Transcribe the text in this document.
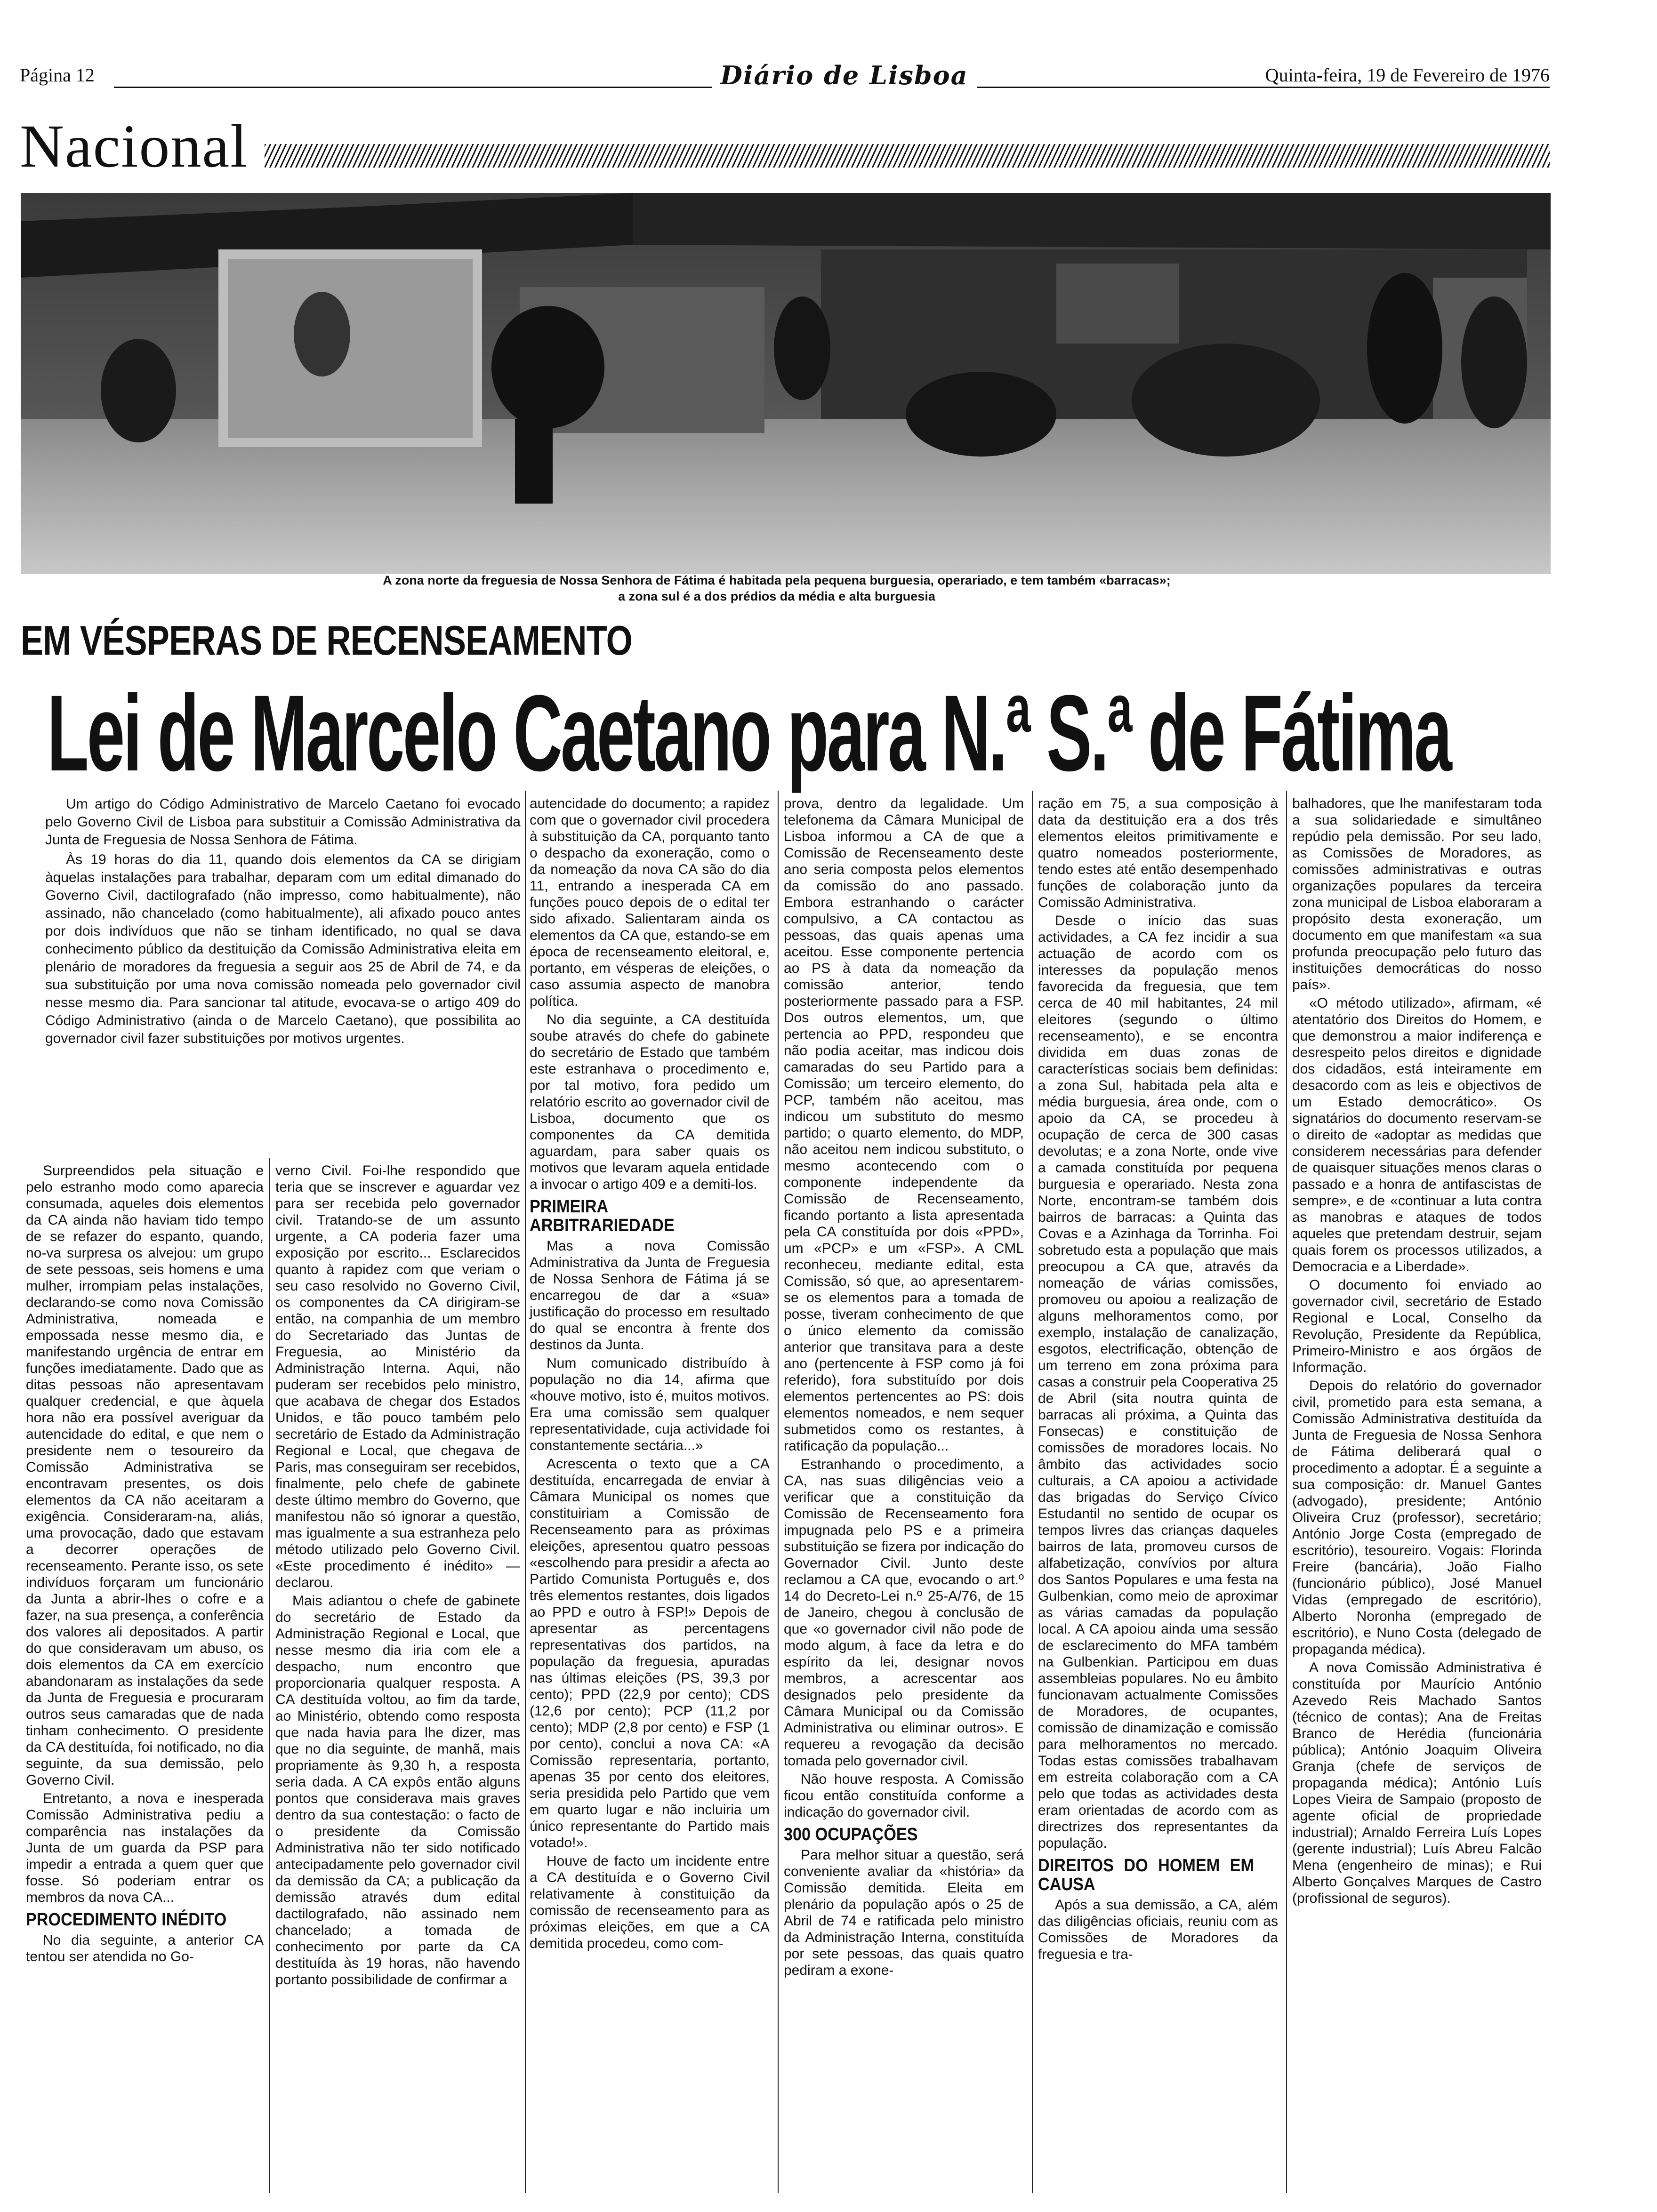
Página 12	Diário de Lisboa	Quinta-feira, 19 de Fevereiro de 1976
Nacional
A zona norte da freguesia de Nossa Senhora de Fátima é habitada pela pequena burguesia, operariado, e tem também «barracas»;
a zona sul é a dos prédios da média e alta burguesia
EM VÉSPERAS DE RECENSEAMENTO
Lei de Marcelo Caetano para N.ª S.ª de Fátima

Um artigo do Código Administrativo de Marcelo Caetano foi evocado pelo Governo Civil de Lisboa para substituir a Comissão Administrativa da Junta de Freguesia de Nossa Senhora de Fátima.

Às 19 horas do dia 11, quando dois elementos da CA se dirigiam àquelas instalações para trabalhar, deparam com um edital dimanado do Governo Civil, dactilografado (não impresso, como habitualmente), não assinado, não chancelado (como habitualmente), ali afixado pouco antes por dois indivíduos que não se tinham identificado, no qual se dava conhecimento público da destituição da Comissão Administrativa eleita em plenário de moradores da freguesia a seguir aos 25 de Abril de 74, e da sua substituição por uma nova comissão nomeada pelo governador civil nesse mesmo dia. Para sancionar tal atitude, evocava-se o artigo 409 do Código Administrativo (ainda o de Marcelo Caetano), que possibilita ao governador civil fazer substituições por motivos urgentes.

Surpreendidos pela situação e pelo estranho modo como aparecia consumada, aqueles dois elementos da CA ainda não haviam tido tempo de se refazer do espanto, quando, no-va surpresa os alvejou: um grupo de sete pessoas, seis homens e uma mulher, irrompiam pelas instalações, declarando-se como nova Comissão Administrativa, nomeada e empossada nesse mesmo dia, e manifestando urgência de entrar em funções imediatamente. Dado que as ditas pessoas não apresentavam qualquer credencial, e que àquela hora não era possível averiguar da autencidade do edital, e que nem o presidente nem o tesoureiro da Comissão Administrativa se encontravam presentes, os dois elementos da CA não aceitaram a exigência. Consideraram-na, aliás, uma provocação, dado que estavam a decorrer operações de recenseamento. Perante isso, os sete indivíduos forçaram um funcionário da Junta a abrir-lhes o cofre e a fazer, na sua presença, a conferência dos valores ali depositados. A partir do que consideravam um abuso, os dois elementos da CA em exercício abandonaram as instalações da sede da Junta de Freguesia e procuraram outros seus camaradas que de nada tinham conhecimento. O presidente da CA destituída, foi notificado, no dia seguinte, da sua demissão, pelo Governo Civil.

Entretanto, a nova e inesperada Comissão Administrativa pediu a comparência nas instalações da Junta de um guarda da PSP para impedir a entrada a quem quer que fosse. Só poderiam entrar os membros da nova CA...

PROCEDIMENTO INÉDITO

No dia seguinte, a anterior CA tentou ser atendida no Go-

verno Civil. Foi-lhe respondido que teria que se inscrever e aguardar vez para ser recebida pelo governador civil. Tratando-se de um assunto urgente, a CA poderia fazer uma exposição por escrito... Esclarecidos quanto à rapidez com que veriam o seu caso resolvido no Governo Civil, os componentes da CA dirigiram-se então, na companhia de um membro do Secretariado das Juntas de Freguesia, ao Ministério da Administração Interna. Aqui, não puderam ser recebidos pelo ministro, que acabava de chegar dos Estados Unidos, e tão pouco também pelo secretário de Estado da Administração Regional e Local, que chegava de Paris, mas conseguiram ser recebidos, finalmente, pelo chefe de gabinete deste último membro do Governo, que manifestou não só ignorar a questão, mas igualmente a sua estranheza pelo método utilizado pelo Governo Civil. «Este procedimento é inédito» — declarou.

Mais adiantou o chefe de gabinete do secretário de Estado da Administração Regional e Local, que nesse mesmo dia iria com ele a despacho, num encontro que proporcionaria qualquer resposta. A CA destituída voltou, ao fim da tarde, ao Ministério, obtendo como resposta que nada havia para lhe dizer, mas que no dia seguinte, de manhã, mais propriamente às 9,30 h, a resposta seria dada. A CA expôs então alguns pontos que considerava mais graves dentro da sua contestação: o facto de o presidente da Comissão Administrativa não ter sido notificado antecipadamente pelo governador civil da demissão da CA; a publicação da demissão através dum edital dactilografado, não assinado nem chancelado; a tomada de conhecimento por parte da CA destituída às 19 horas, não havendo portanto possibilidade de confirmar a

autencidade do documento; a rapidez com que o governador civil procedera à substituição da CA, porquanto tanto o despacho da exoneração, como o da nomeação da nova CA são do dia 11, entrando a inesperada CA em funções pouco depois de o edital ter sido afixado. Salientaram ainda os elementos da CA que, estando-se em época de recenseamento eleitoral, e, portanto, em vésperas de eleições, o caso assumia aspecto de manobra política.

No dia seguinte, a CA destituída soube através do chefe do gabinete do secretário de Estado que também este estranhava o procedimento e, por tal motivo, fora pedido um relatório escrito ao governador civil de Lisboa, documento que os componentes da CA demitida aguardam, para saber quais os motivos que levaram aquela entidade a invocar o artigo 409 e a demiti-los.

PRIMEIRA ARBITRARIEDADE

Mas a nova Comissão Administrativa da Junta de Freguesia de Nossa Senhora de Fátima já se encarregou de dar a «sua» justificação do processo em resultado do qual se encontra à frente dos destinos da Junta.

Num comunicado distribuído à população no dia 14, afirma que «houve motivo, isto é, muitos motivos. Era uma comissão sem qualquer representatividade, cuja actividade foi constantemente sectária...»

Acrescenta o texto que a CA destituída, encarregada de enviar à Câmara Municipal os nomes que constituiriam a Comissão de Recenseamento para as próximas eleições, apresentou quatro pessoas «escolhendo para presidir a afecta ao Partido Comunista Português e, dos três elementos restantes, dois ligados ao PPD e outro à FSP!» Depois de apresentar as percentagens representativas dos partidos, na população da freguesia, apuradas nas últimas eleições (PS, 39,3 por cento); PPD (22,9 por cento); CDS (12,6 por cento); PCP (11,2 por cento); MDP (2,8 por cento) e FSP (1 por cento), conclui a nova CA: «A Comissão representaria, portanto, apenas 35 por cento dos eleitores, seria presidida pelo Partido que vem em quarto lugar e não incluiria um único representante do Partido mais votado!».

Houve de facto um incidente entre a CA destituída e o Governo Civil relativamente à constituição da comissão de recenseamento para as próximas eleições, em que a CA demitida procedeu, como com-

prova, dentro da legalidade. Um telefonema da Câmara Municipal de Lisboa informou a CA de que a Comissão de Recenseamento deste ano seria composta pelos elementos da comissão do ano passado. Embora estranhando o carácter compulsivo, a CA contactou as pessoas, das quais apenas uma aceitou. Esse componente pertencia ao PS à data da nomeação da comissão anterior, tendo posteriormente passado para a FSP. Dos outros elementos, um, que pertencia ao PPD, respondeu que não podia aceitar, mas indicou dois camaradas do seu Partido para a Comissão; um terceiro elemento, do PCP, também não aceitou, mas indicou um substituto do mesmo partido; o quarto elemento, do MDP, não aceitou nem indicou substituto, o mesmo acontecendo com o componente independente da Comissão de Recenseamento, ficando portanto a lista apresentada pela CA constituída por dois «PPD», um «PCP» e um «FSP». A CML reconheceu, mediante edital, esta Comissão, só que, ao apresentarem-se os elementos para a tomada de posse, tiveram conhecimento de que o único elemento da comissão anterior que transitava para a deste ano (pertencente à FSP como já foi referido), fora substituído por dois elementos pertencentes ao PS: dois elementos nomeados, e nem sequer submetidos como os restantes, à ratificação da população...

Estranhando o procedimento, a CA, nas suas diligências veio a verificar que a constituição da Comissão de Recenseamento fora impugnada pelo PS e a primeira substituição se fizera por indicação do Governador Civil. Junto deste reclamou a CA que, evocando o art.º 14 do Decreto-Lei n.º 25-A/76, de 15 de Janeiro, chegou à conclusão de que «o governador civil não pode de modo algum, à face da letra e do espírito da lei, designar novos membros, a acrescentar aos designados pelo presidente da Câmara Municipal ou da Comissão Administrativa ou eliminar outros». E requereu a revogação da decisão tomada pelo governador civil.

Não houve resposta. A Comissão ficou então constituída conforme a indicação do governador civil.

300 OCUPAÇÕES

Para melhor situar a questão, será conveniente avaliar da «história» da Comissão demitida. Eleita em plenário da população após o 25 de Abril de 74 e ratificada pelo ministro da Administração Interna, constituída por sete pessoas, das quais quatro pediram a exone-

ração em 75, a sua composição à data da destituição era a dos três elementos eleitos primitivamente e quatro nomeados posteriormente, tendo estes até então desempenhado funções de colaboração junto da Comissão Administrativa.

Desde o início das suas actividades, a CA fez incidir a sua actuação de acordo com os interesses da população menos favorecida da freguesia, que tem cerca de 40 mil habitantes, 24 mil eleitores (segundo o último recenseamento), e se encontra dividida em duas zonas de características sociais bem definidas: a zona Sul, habitada pela alta e média burguesia, área onde, com o apoio da CA, se procedeu à ocupação de cerca de 300 casas devolutas; e a zona Norte, onde vive a camada constituída por pequena burguesia e operariado. Nesta zona Norte, encontram-se também dois bairros de barracas: a Quinta das Covas e a Azinhaga da Torrinha. Foi sobretudo esta a população que mais preocupou a CA que, através da nomeação de várias comissões, promoveu ou apoiou a realização de alguns melhoramentos como, por exemplo, instalação de canalização, esgotos, electrificação, obtenção de um terreno em zona próxima para casas a construir pela Cooperativa 25 de Abril (sita noutra quinta de barracas ali próxima, a Quinta das Fonsecas) e constituição de comissões de moradores locais. No âmbito das actividades socio culturais, a CA apoiou a actividade das brigadas do Serviço Cívico Estudantil no sentido de ocupar os tempos livres das crianças daqueles bairros de lata, promoveu cursos de alfabetização, convívios por altura dos Santos Populares e uma festa na Gulbenkian, como meio de aproximar as várias camadas da população local. A CA apoiou ainda uma sessão de esclarecimento do MFA também na Gulbenkian. Participou em duas assembleias populares. No eu âmbito funcionavam actualmente Comissões de Moradores, de ocupantes, comissão de dinamização e comissão para melhoramentos no mercado. Todas estas comissões trabalhavam em estreita colaboração com a CA pelo que todas as actividades desta eram orientadas de acordo com as directrizes dos representantes da população.

DIREITOS DO HOMEM EM CAUSA

Após a sua demissão, a CA, além das diligências oficiais, reuniu com as Comissões de Moradores da freguesia e tra-

balhadores, que lhe manifestaram toda a sua solidariedade e simultâneo repúdio pela demissão. Por seu lado, as Comissões de Moradores, as comissões administrativas e outras organizações populares da terceira zona municipal de Lisboa elaboraram a propósito desta exoneração, um documento em que manifestam «a sua profunda preocupação pelo futuro das instituições democráticas do nosso país».

«O método utilizado», afirmam, «é atentatório dos Direitos do Homem, e que demonstrou a maior indiferença e desrespeito pelos direitos e dignidade dos cidadãos, está inteiramente em desacordo com as leis e objectivos de um Estado democrático». Os signatários do documento reservam-se o direito de «adoptar as medidas que considerem necessárias para defender de quaisquer situações menos claras o passado e a honra de antifascistas de sempre», e de «continuar a luta contra as manobras e ataques de todos aqueles que pretendam destruir, sejam quais forem os processos utilizados, a Democracia e a Liberdade».

O documento foi enviado ao governador civil, secretário de Estado Regional e Local, Conselho da Revolução, Presidente da República, Primeiro-Ministro e aos órgãos de Informação.

Depois do relatório do governador civil, prometido para esta semana, a Comissão Administrativa destituída da Junta de Freguesia de Nossa Senhora de Fátima deliberará qual o procedimento a adoptar. É a seguinte a sua composição: dr. Manuel Gantes (advogado), presidente; António Oliveira Cruz (professor), secretário; António Jorge Costa (empregado de escritório), tesoureiro. Vogais: Florinda Freire (bancária), João Fialho (funcionário público), José Manuel Vidas (empregado de escritório), Alberto Noronha (empregado de escritório), e Nuno Costa (delegado de propaganda médica).

A nova Comissão Administrativa é constituída por Maurício António Azevedo Reis Machado Santos (técnico de contas); Ana de Freitas Branco de Herédia (funcionária pública); António Joaquim Oliveira Granja (chefe de serviços de propaganda médica); António Luís Lopes Vieira de Sampaio (proposto de agente oficial de propriedade industrial); Arnaldo Ferreira Luís Lopes (gerente industrial); Luís Abreu Falcão Mena (engenheiro de minas); e Rui Alberto Gonçalves Marques de Castro (profissional de seguros).
